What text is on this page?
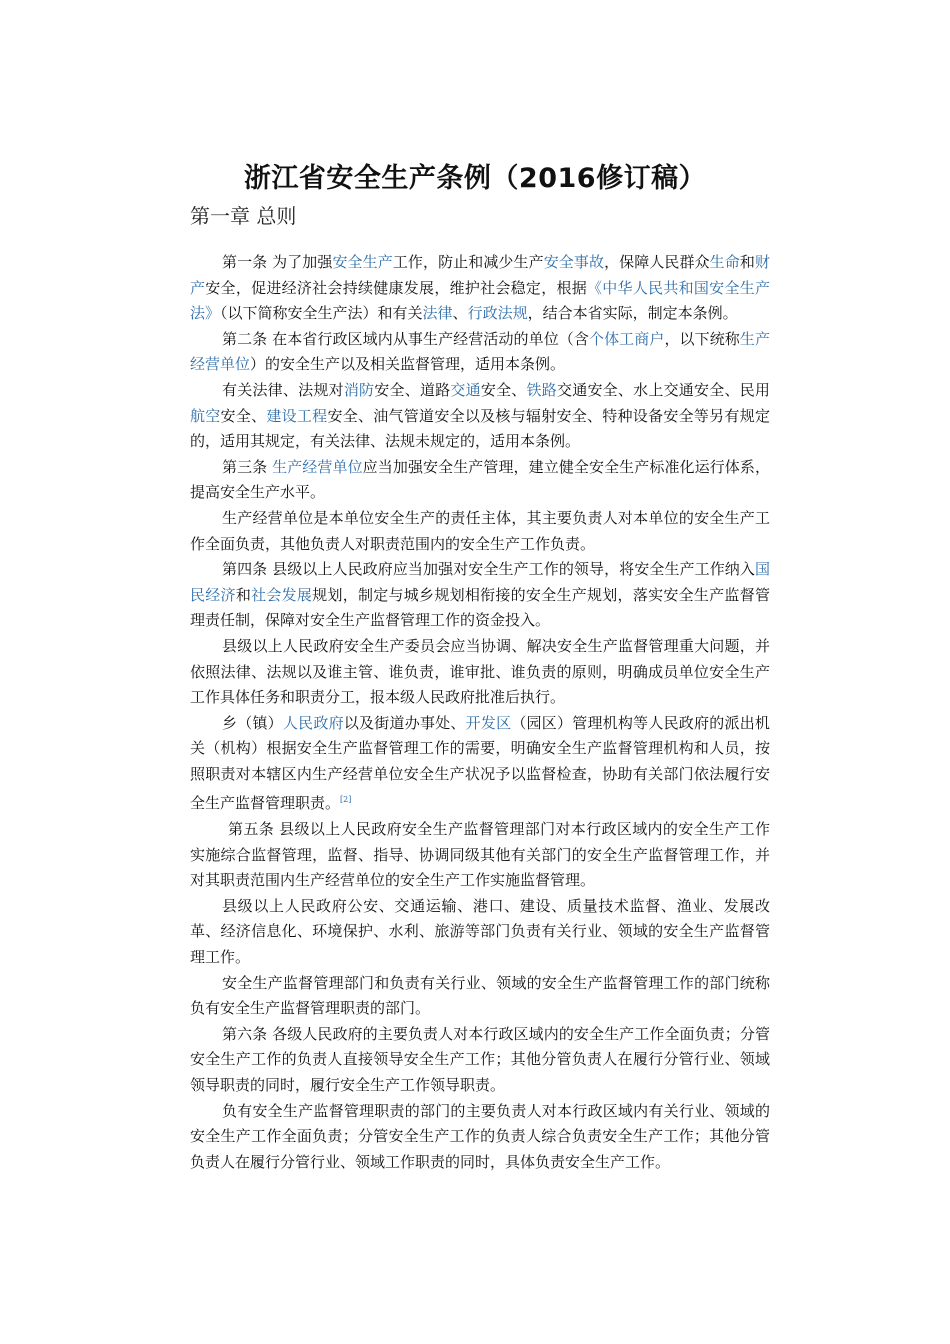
浙江省安全生产条例（2016修订稿）
第一章 总则

第一条 为了加强安全生产工作，防止和减少生产安全事故，保障人民群众生命和财产安全，促进经济社会持续健康发展，维护社会稳定，根据《中华人民共和国安全生产法》（以下简称安全生产法）和有关法律、行政法规，结合本省实际，制定本条例。

第二条 在本省行政区域内从事生产经营活动的单位（含个体工商户，以下统称生产经营单位）的安全生产以及相关监督管理，适用本条例。

有关法律、法规对消防安全、道路交通安全、铁路交通安全、水上交通安全、民用航空安全、建设工程安全、油气管道安全以及核与辐射安全、特种设备安全等另有规定的，适用其规定，有关法律、法规未规定的，适用本条例。

第三条 生产经营单位应当加强安全生产管理，建立健全安全生产标准化运行体系，提高安全生产水平。

生产经营单位是本单位安全生产的责任主体，其主要负责人对本单位的安全生产工作全面负责，其他负责人对职责范围内的安全生产工作负责。

第四条 县级以上人民政府应当加强对安全生产工作的领导，将安全生产工作纳入国民经济和社会发展规划，制定与城乡规划相衔接的安全生产规划，落实安全生产监督管理责任制，保障对安全生产监督管理工作的资金投入。

县级以上人民政府安全生产委员会应当协调、解决安全生产监督管理重大问题，并依照法律、法规以及谁主管、谁负责，谁审批、谁负责的原则，明确成员单位安全生产工作具体任务和职责分工，报本级人民政府批准后执行。

乡（镇）人民政府以及街道办事处、开发区（园区）管理机构等人民政府的派出机关（机构）根据安全生产监督管理工作的需要，明确安全生产监督管理机构和人员，按照职责对本辖区内生产经营单位安全生产状况予以监督检查，协助有关部门依法履行安全生产监督管理职责。[2]

第五条 县级以上人民政府安全生产监督管理部门对本行政区域内的安全生产工作实施综合监督管理，监督、指导、协调同级其他有关部门的安全生产监督管理工作，并对其职责范围内生产经营单位的安全生产工作实施监督管理。

县级以上人民政府公安、交通运输、港口、建设、质量技术监督、渔业、发展改革、经济信息化、环境保护、水利、旅游等部门负责有关行业、领域的安全生产监督管理工作。

安全生产监督管理部门和负责有关行业、领域的安全生产监督管理工作的部门统称负有安全生产监督管理职责的部门。

第六条 各级人民政府的主要负责人对本行政区域内的安全生产工作全面负责；分管安全生产工作的负责人直接领导安全生产工作；其他分管负责人在履行分管行业、领域领导职责的同时，履行安全生产工作领导职责。

负有安全生产监督管理职责的部门的主要负责人对本行政区域内有关行业、领域的安全生产工作全面负责；分管安全生产工作的负责人综合负责安全生产工作；其他分管负责人在履行分管行业、领域工作职责的同时，具体负责安全生产工作。
